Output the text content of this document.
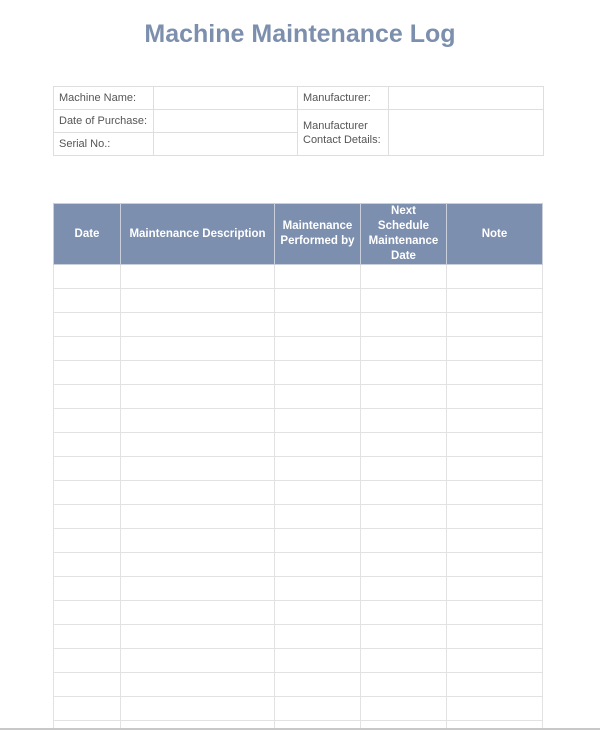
Machine Maintenance Log
Machine Name:		Manufacturer:	
Date of Purchase:		Manufacturer Contact Details:	
Serial No.:			
Date	Maintenance Description	Maintenance Performed by	Next Schedule Maintenance Date	Note
